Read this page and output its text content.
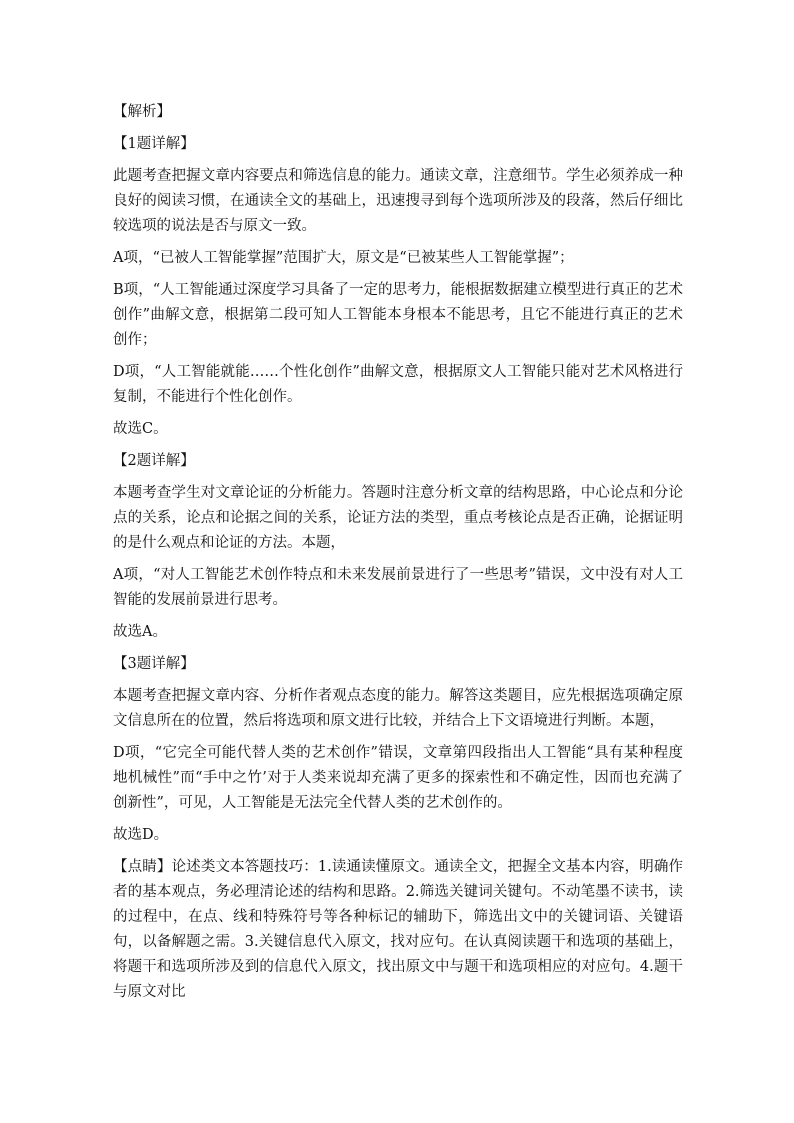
【解析】

【1题详解】

此题考查把握文章内容要点和筛选信息的能力。通读文章，注意细节。学生必须养成一种良好的阅读习惯，在通读全文的基础上，迅速搜寻到每个选项所涉及的段落，然后仔细比较选项的说法是否与原文一致。

A项，“已被人工智能掌握”范围扩大，原文是“已被某些人工智能掌握”；

B项，“人工智能通过深度学习具备了一定的思考力，能根据数据建立模型进行真正的艺术创作”曲解文意，根据第二段可知人工智能本身根本不能思考，且它不能进行真正的艺术创作；

D项，“人工智能就能……个性化创作”曲解文意，根据原文人工智能只能对艺术风格进行复制，不能进行个性化创作。

故选C。

【2题详解】

本题考查学生对文章论证的分析能力。答题时注意分析文章的结构思路，中心论点和分论点的关系，论点和论据之间的关系，论证方法的类型，重点考核论点是否正确，论据证明的是什么观点和论证的方法。本题，

A项，“对人工智能艺术创作特点和未来发展前景进行了一些思考”错误，文中没有对人工智能的发展前景进行思考。

故选A。

【3题详解】

本题考查把握文章内容、分析作者观点态度的能力。解答这类题目，应先根据选项确定原文信息所在的位置，然后将选项和原文进行比较，并结合上下文语境进行判断。本题，

D项，“它完全可能代替人类的艺术创作”错误，文章第四段指出人工智能“具有某种程度地机械性”而“手中之竹’对于人类来说却充满了更多的探索性和不确定性，因而也充满了创新性”，可见，人工智能是无法完全代替人类的艺术创作的。

故选D。

【点睛】论述类文本答题技巧：1.读通读懂原文。通读全文，把握全文基本内容，明确作者的基本观点，务必理清论述的结构和思路。2.筛选关键词关键句。不动笔墨不读书，读的过程中，在点、线和特殊符号等各种标记的辅助下，筛选出文中的关键词语、关键语句，以备解题之需。3.关键信息代入原文，找对应句。在认真阅读题干和选项的基础上，将题干和选项所涉及到的信息代入原文，找出原文中与题干和选项相应的对应句。4.题干与原文对比
